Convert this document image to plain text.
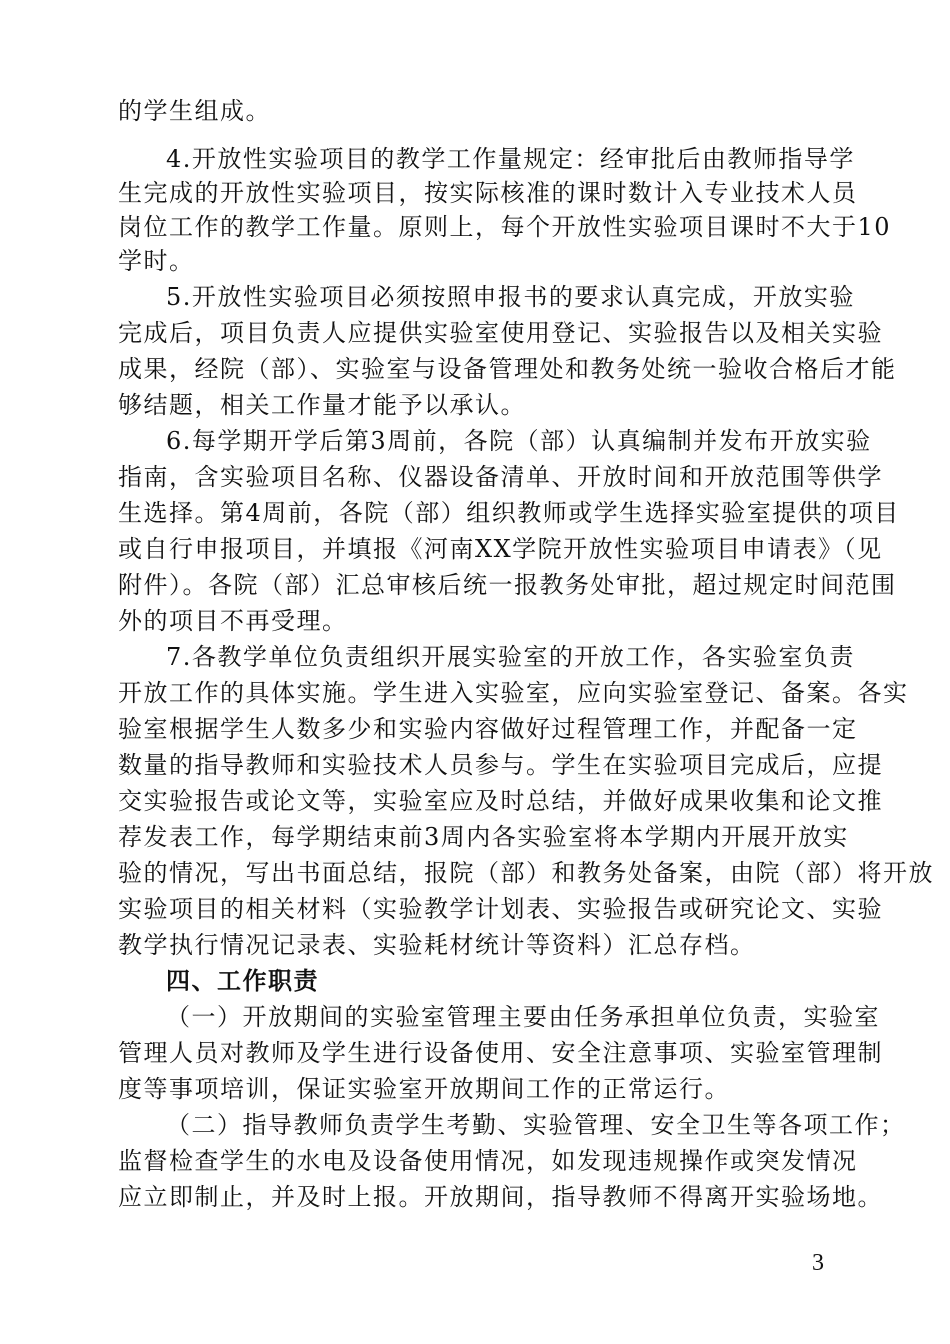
的学生组成。
4.开放性实验项目的教学工作量规定：经审批后由教师指导学
生完成的开放性实验项目，按实际核准的课时数计入专业技术人员
岗位工作的教学工作量。原则上，每个开放性实验项目课时不大于10
学时。
5.开放性实验项目必须按照申报书的要求认真完成，开放实验
完成后，项目负责人应提供实验室使用登记、实验报告以及相关实验
成果，经院（部）、实验室与设备管理处和教务处统一验收合格后才能
够结题，相关工作量才能予以承认。
6.每学期开学后第3周前，各院（部）认真编制并发布开放实验
指南，含实验项目名称、仪器设备清单、开放时间和开放范围等供学
生选择。第4周前，各院（部）组织教师或学生选择实验室提供的项目
或自行申报项目，并填报《河南XX学院开放性实验项目申请表》（见
附件）。各院（部）汇总审核后统一报教务处审批，超过规定时间范围
外的项目不再受理。
7.各教学单位负责组织开展实验室的开放工作，各实验室负责
开放工作的具体实施。学生进入实验室，应向实验室登记、备案。各实
验室根据学生人数多少和实验内容做好过程管理工作，并配备一定
数量的指导教师和实验技术人员参与。学生在实验项目完成后，应提
交实验报告或论文等，实验室应及时总结，并做好成果收集和论文推
荐发表工作，每学期结束前3周内各实验室将本学期内开展开放实
验的情况，写出书面总结，报院（部）和教务处备案，由院（部）将开放
实验项目的相关材料（实验教学计划表、实验报告或研究论文、实验
教学执行情况记录表、实验耗材统计等资料）汇总存档。
四、工作职责
（一）开放期间的实验室管理主要由任务承担单位负责，实验室
管理人员对教师及学生进行设备使用、安全注意事项、实验室管理制
度等事项培训，保证实验室开放期间工作的正常运行。
（二）指导教师负责学生考勤、实验管理、安全卫生等各项工作；
监督检查学生的水电及设备使用情况，如发现违规操作或突发情况
应立即制止，并及时上报。开放期间，指导教师不得离开实验场地。
3
